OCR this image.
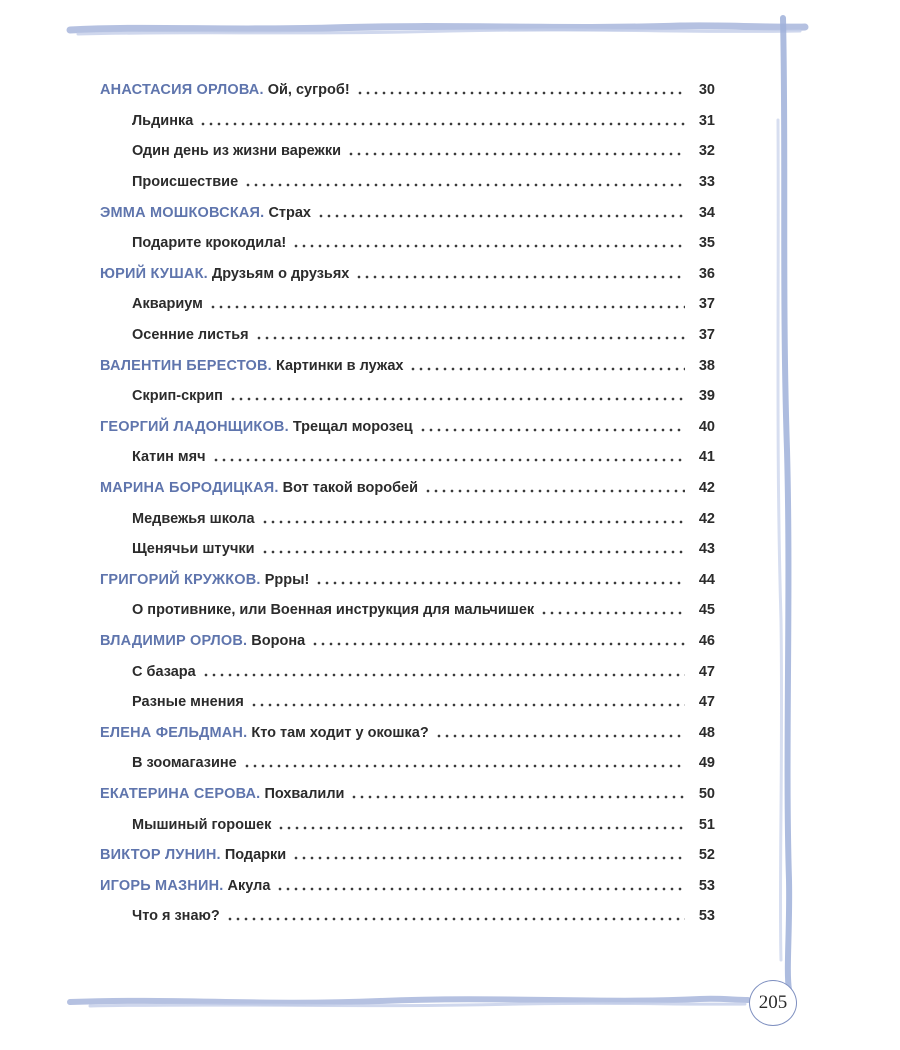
АНАСТАСИЯ ОРЛОВА. Ой, сугроб!	30
Льдинка	31
Один день из жизни варежки	32
Происшествие	33
ЭММА МОШКОВСКАЯ. Страх	34
Подарите крокодила!	35
ЮРИЙ КУШАК. Друзьям о друзьях	36
Аквариум	37
Осенние листья	37
ВАЛЕНТИН БЕРЕСТОВ. Картинки в лужах	38
Скрип-скрип	39
ГЕОРГИЙ ЛАДОНЩИКОВ. Трещал морозец	40
Катин мяч	41
МАРИНА БОРОДИЦКАЯ. Вот такой воробей	42
Медвежья школа	42
Щенячьи штучки	43
ГРИГОРИЙ КРУЖКОВ. Ррры!	44
О противнике, или Военная инструкция для мальчишек	45
ВЛАДИМИР ОРЛОВ. Ворона	46
С базара	47
Разные мнения	47
ЕЛЕНА ФЕЛЬДМАН. Кто там ходит у окошка?	48
В зоомагазине	49
ЕКАТЕРИНА СЕРОВА. Похвалили	50
Мышиный горошек	51
ВИКТОР ЛУНИН. Подарки	52
ИГОРЬ МАЗНИН. Акула	53
Что я знаю?	53
205
